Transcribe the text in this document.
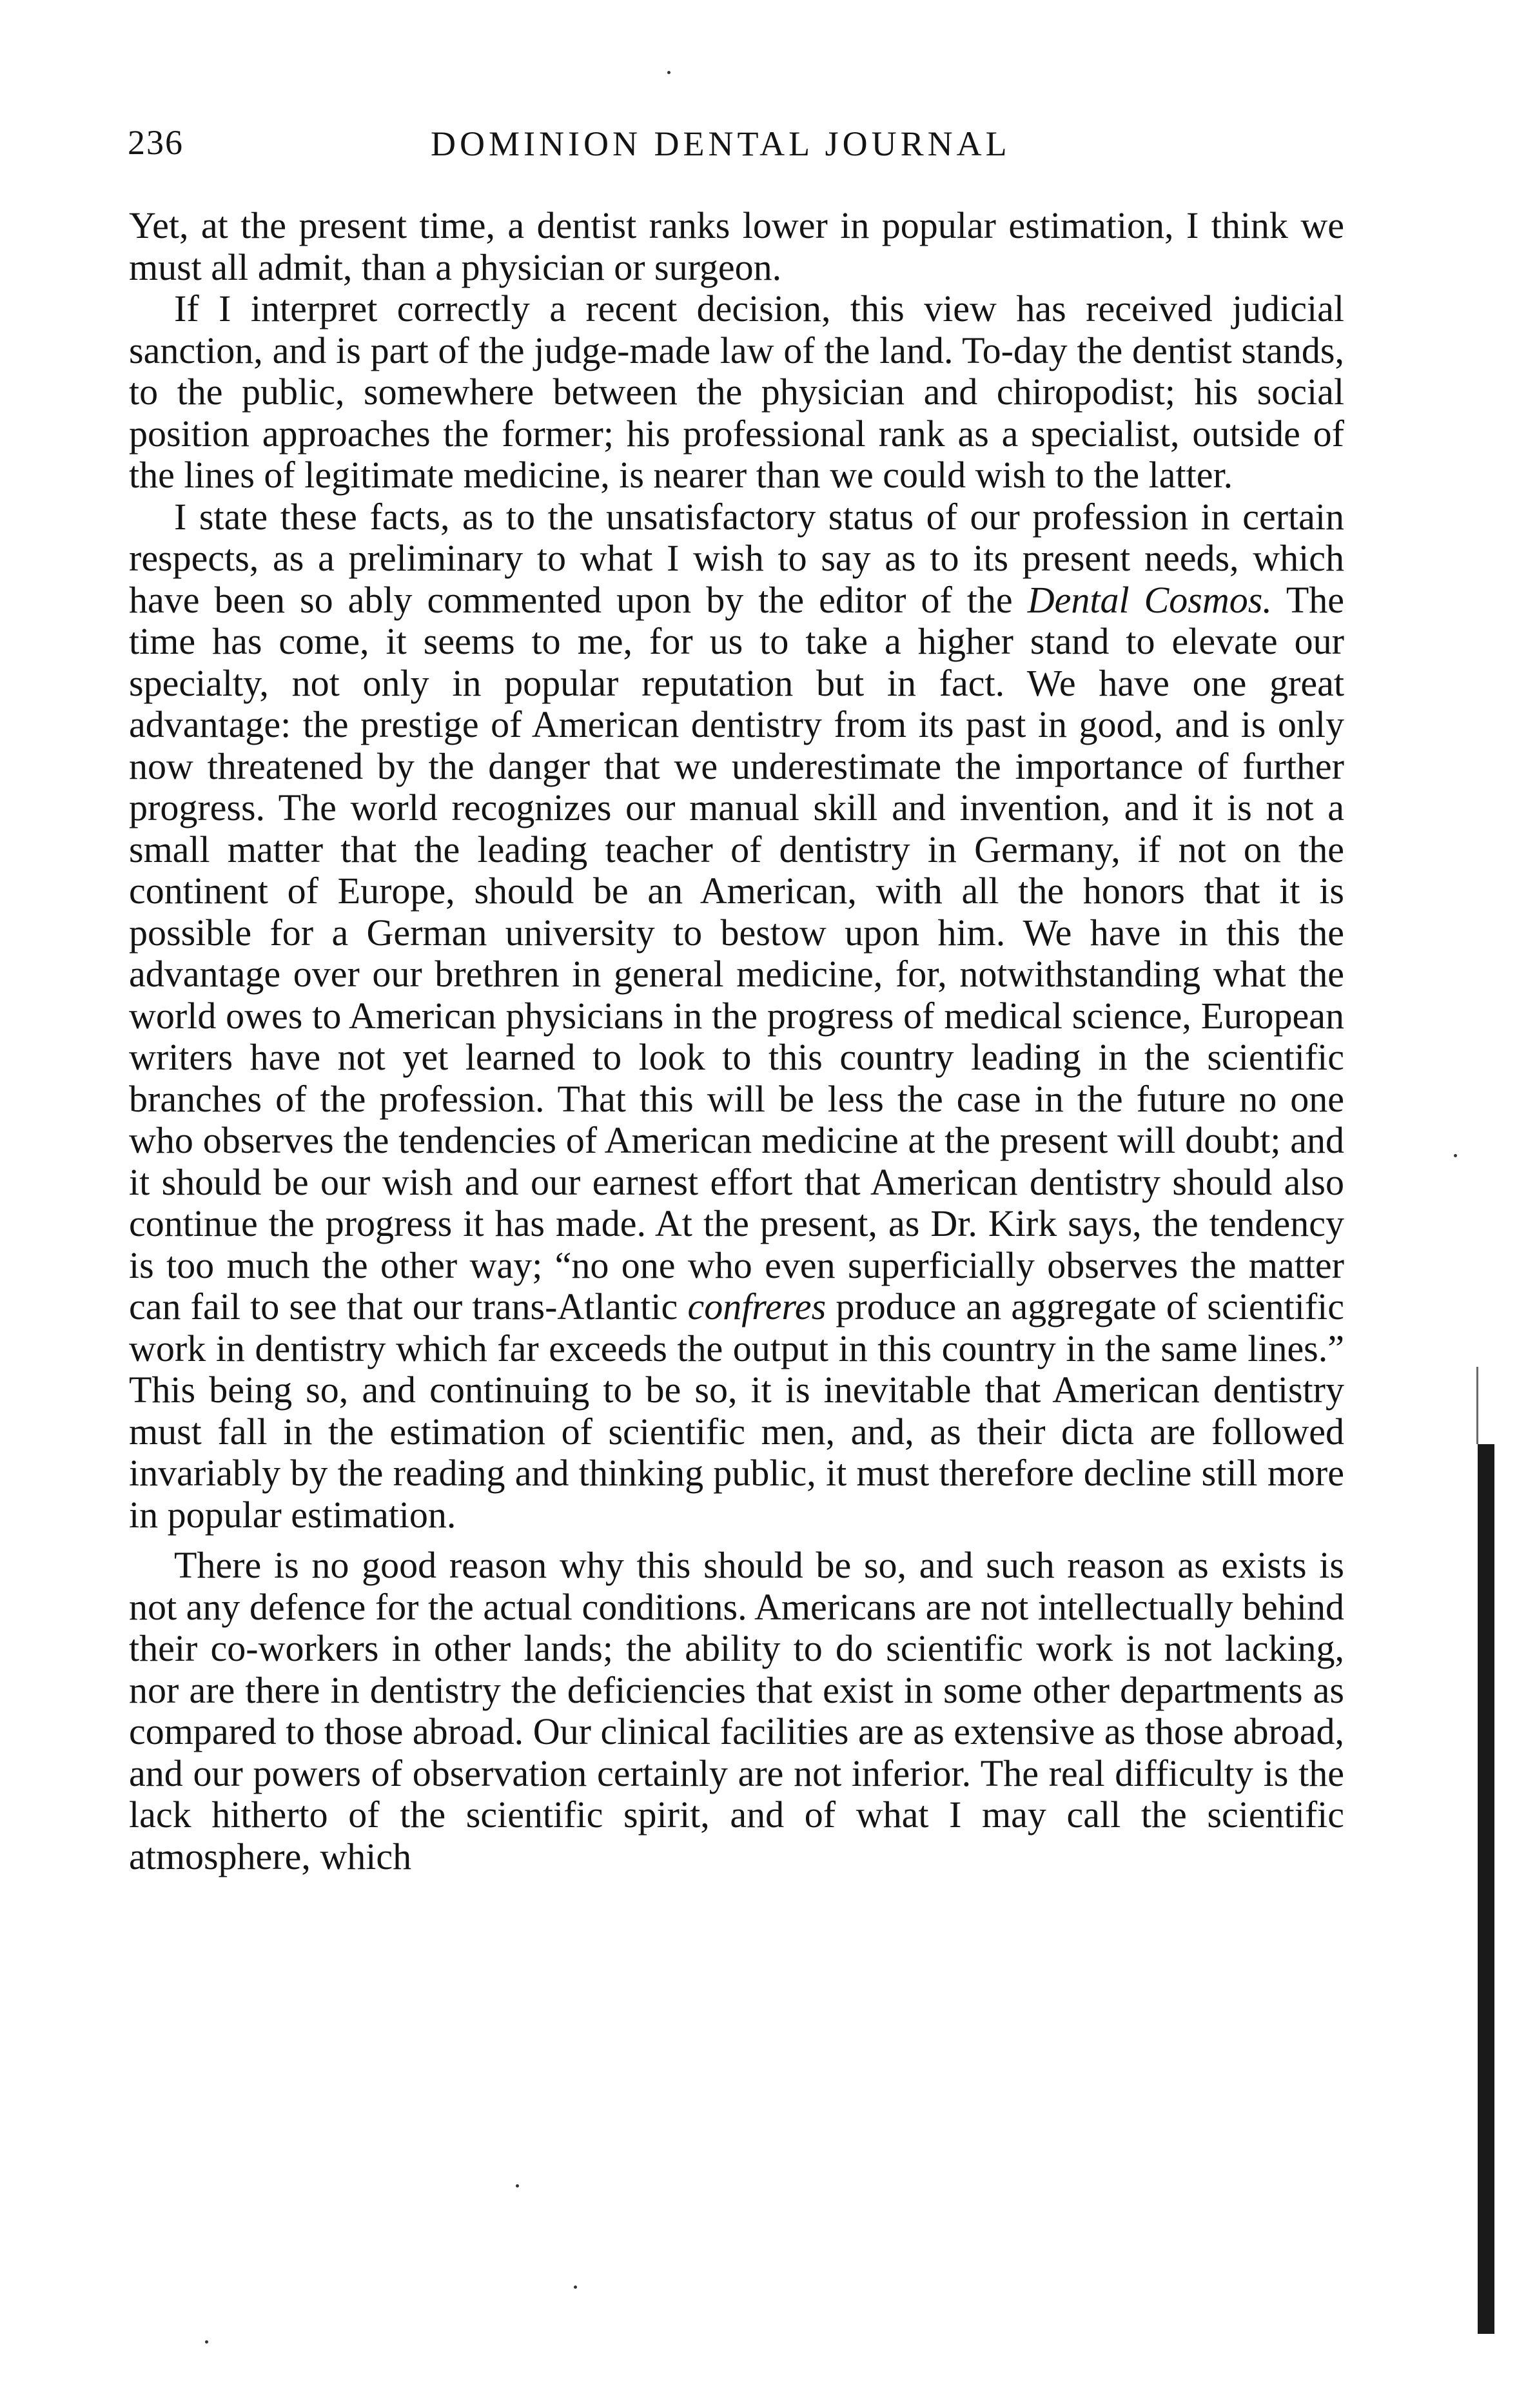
236	DOMINION DENTAL JOURNAL

Yet, at the present time, a dentist ranks lower in popular estimation, I think we must all admit, than a physician or surgeon.

If I interpret correctly a recent decision, this view has received judicial sanction, and is part of the judge-made law of the land. To-day the dentist stands, to the public, somewhere between the physician and chiropodist; his social position approaches the former; his professional rank as a specialist, outside of the lines of legitimate medicine, is nearer than we could wish to the latter.

I state these facts, as to the unsatisfactory status of our profession in certain respects, as a preliminary to what I wish to say as to its present needs, which have been so ably commented upon by the editor of the Dental Cosmos. The time has come, it seems to me, for us to take a higher stand to elevate our specialty, not only in popular reputation but in fact. We have one great advantage: the prestige of American dentistry from its past in good, and is only now threatened by the danger that we underestimate the importance of further progress. The world recognizes our manual skill and invention, and it is not a small matter that the leading teacher of dentistry in Germany, if not on the continent of Europe, should be an American, with all the honors that it is possible for a German university to bestow upon him. We have in this the advantage over our brethren in general medicine, for, notwithstanding what the world owes to American physicians in the progress of medical science, European writers have not yet learned to look to this country leading in the scientific branches of the profession. That this will be less the case in the future no one who observes the tendencies of American medicine at the present will doubt; and it should be our wish and our earnest effort that American dentistry should also continue the progress it has made. At the present, as Dr. Kirk says, the tendency is too much the other way; “no one who even superficially observes the matter can fail to see that our trans-Atlantic confreres produce an aggregate of scientific work in dentistry which far exceeds the output in this country in the same lines.” This being so, and continuing to be so, it is inevitable that American dentistry must fall in the estimation of scientific men, and, as their dicta are followed invariably by the reading and thinking public, it must therefore decline still more in popular estimation.

There is no good reason why this should be so, and such reason as exists is not any defence for the actual conditions. Americans are not intellectually behind their co-workers in other lands; the ability to do scientific work is not lacking, nor are there in dentistry the deficiencies that exist in some other departments as compared to those abroad. Our clinical facilities are as extensive as those abroad, and our powers of observation certainly are not inferior. The real difficulty is the lack hitherto of the scientific spirit, and of what I may call the scientific atmosphere, which
